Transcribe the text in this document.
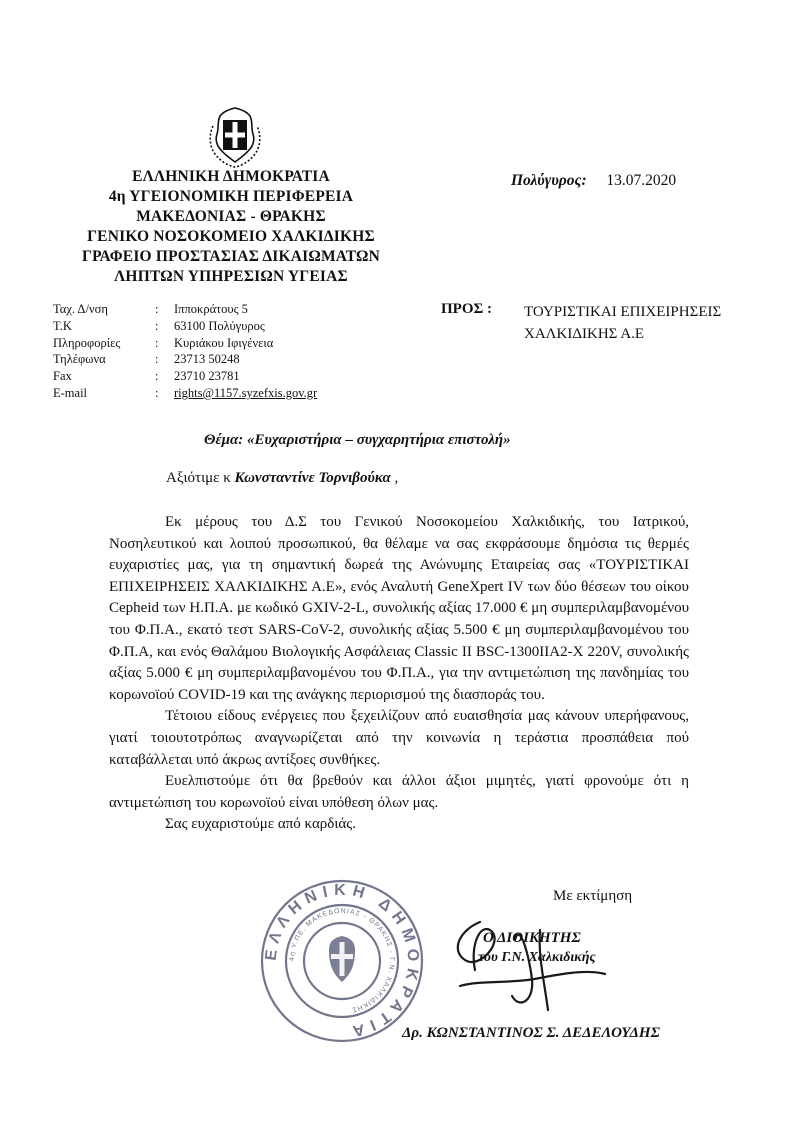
ΕΛΛΗΝΙΚΗ ΔΗΜΟΚΡΑΤΙΑ
4η ΥΓΕΙΟΝΟΜΙΚΗ ΠΕΡΙΦΕΡΕΙΑ
ΜΑΚΕΔΟΝΙΑΣ - ΘΡΑΚΗΣ
ΓΕΝΙΚΟ ΝΟΣΟΚΟΜΕΙΟ ΧΑΛΚΙΔΙΚΗΣ
ΓΡΑΦΕΙΟ ΠΡΟΣΤΑΣΙΑΣ ΔΙΚΑΙΩΜΑΤΩΝ
ΛΗΠΤΩΝ ΥΠΗΡΕΣΙΩΝ ΥΓΕΙΑΣ
Πολύγυρος: 13.07.2020
Ταχ. Δ/νση	: Ιπποκράτους 5
Τ.Κ	: 63100 Πολύγυρος
Πληροφορίες	: Κυριάκου Ιφιγένεια
Τηλέφωνα	: 23713 50248
Fax	: 23710 23781
E-mail	: rights@1157.syzefxis.gov.gr
ΠΡΟΣ : ΤΟΥΡΙΣΤΙΚΑΙ ΕΠΙΧΕΙΡΗΣΕΙΣ
ΧΑΛΚΙΔΙΚΗΣ Α.Ε
Θέμα: «Ευχαριστήρια – συγχαρητήρια επιστολή»
Αξιότιμε κ Κωνσταντίνε Τορνιβούκα ,

Εκ μέρους του Δ.Σ του Γενικού Νοσοκομείου Χαλκιδικής, του Ιατρικού, Νοσηλευτικού και λοιπού προσωπικού, θα θέλαμε να σας εκφράσουμε δημόσια τις θερμές ευχαριστίες μας, για τη σημαντική δωρεά της Ανώνυμης Εταιρείας σας «ΤΟΥΡΙΣΤΙΚΑΙ ΕΠΙΧΕΙΡΗΣΕΙΣ ΧΑΛΚΙΔΙΚΗΣ Α.Ε», ενός Αναλυτή GeneXpert IV των δύο θέσεων του οίκου Cepheid των Η.Π.Α. με κωδικό GXIV-2-L, συνολικής αξίας 17.000 € μη συμπεριλαμβανομένου του Φ.Π.Α., εκατό τεστ SARS-CoV-2, συνολικής αξίας 5.500 € μη συμπεριλαμβανομένου του Φ.Π.Α, και ενός Θαλάμου Βιολογικής Ασφάλειας Classic II BSC-1300ΙΙΑ2-Χ 220V, συνολικής αξίας 5.000 € μη συμπεριλαμβανομένου του Φ.Π.Α., για την αντιμετώπιση της πανδημίας του κορωνοϊού COVID-19 και της ανάγκης περιορισμού της διασποράς του.

Τέτοιου είδους ενέργειες που ξεχειλίζουν από ευαισθησία μας κάνουν υπερήφανους, γιατί τοιουτοτρόπως αναγνωρίζεται από την κοινωνία η τεράστια προσπάθεια πού καταβάλλεται υπό άκρως αντίξοες συνθήκες.

Ευελπιστούμε ότι θα βρεθούν και άλλοι άξιοι μιμητές, γιατί φρονούμε ότι η αντιμετώπιση του κορωνοϊού είναι υπόθεση όλων μας.

Σας ευχαριστούμε από καρδιάς.

ΕΛΛΗΝΙΚΗ ΔΗΜΟΚΡΑΤΙΑ
4η Υ.ΠΕ. ΜΑΚΕΔΟΝΙΑΣ - ΘΡΑΚΗΣ - Γ.Ν. ΧΑΛΚΙΔΙΚΗΣ
Με εκτίμηση
Ο ΔΙΟΙΚΗΤΗΣ
του Γ.Ν. Χαλκιδικής
Δρ. ΚΩΝΣΤΑΝΤΙΝΟΣ Σ. ΔΕΔΕΛΟΥΔΗΣ
